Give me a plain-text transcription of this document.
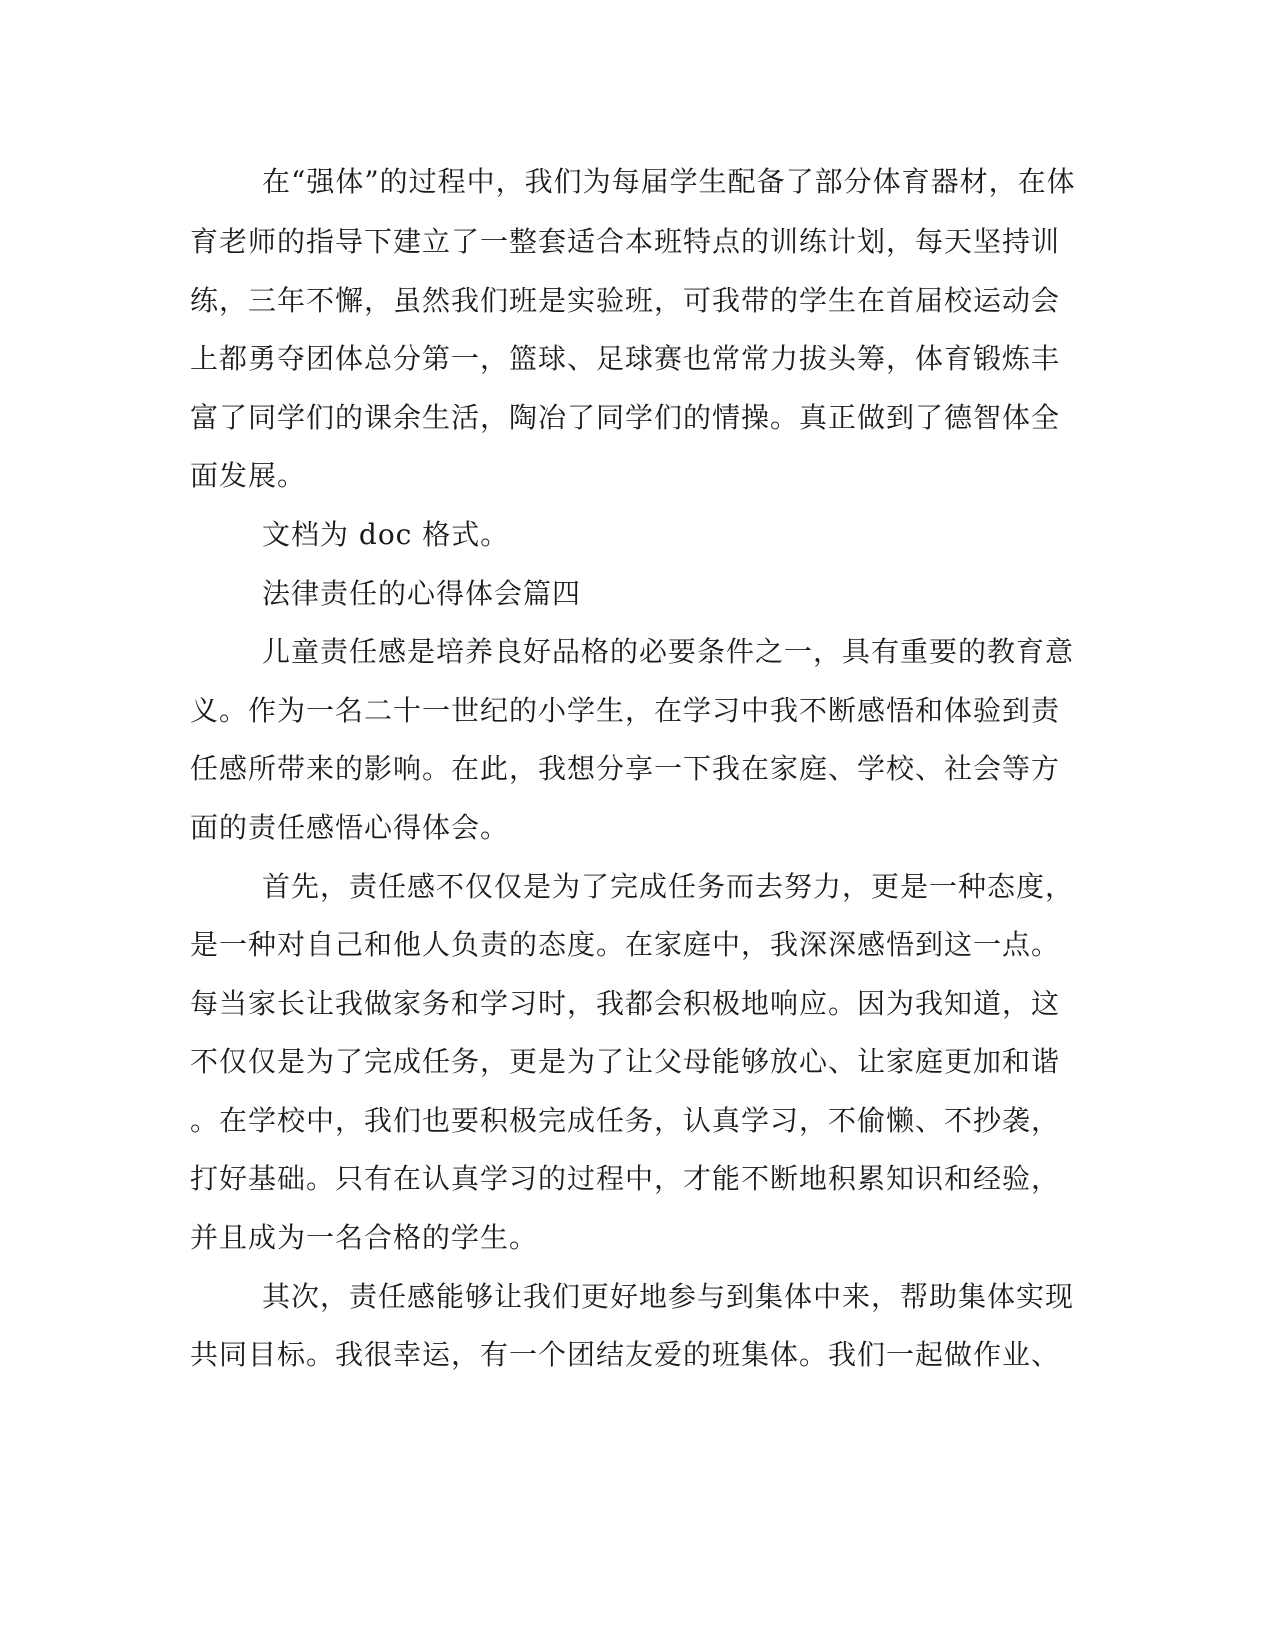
在“强体”的过程中，我们为每届学生配备了部分体育器材，在体
育老师的指导下建立了一整套适合本班特点的训练计划，每天坚持训
练，三年不懈，虽然我们班是实验班，可我带的学生在首届校运动会
上都勇夺团体总分第一，篮球、足球赛也常常力拔头筹，体育锻炼丰
富了同学们的课余生活，陶冶了同学们的情操。真正做到了德智体全
面发展。
文档为 doc 格式。
法律责任的心得体会篇四
儿童责任感是培养良好品格的必要条件之一，具有重要的教育意
义。作为一名二十一世纪的小学生，在学习中我不断感悟和体验到责
任感所带来的影响。在此，我想分享一下我在家庭、学校、社会等方
面的责任感悟心得体会。
首先，责任感不仅仅是为了完成任务而去努力，更是一种态度，
是一种对自己和他人负责的态度。在家庭中，我深深感悟到这一点。
每当家长让我做家务和学习时，我都会积极地响应。因为我知道，这
不仅仅是为了完成任务，更是为了让父母能够放心、让家庭更加和谐
。在学校中，我们也要积极完成任务，认真学习，不偷懒、不抄袭，
打好基础。只有在认真学习的过程中，才能不断地积累知识和经验，
并且成为一名合格的学生。
其次，责任感能够让我们更好地参与到集体中来，帮助集体实现
共同目标。我很幸运，有一个团结友爱的班集体。我们一起做作业、
